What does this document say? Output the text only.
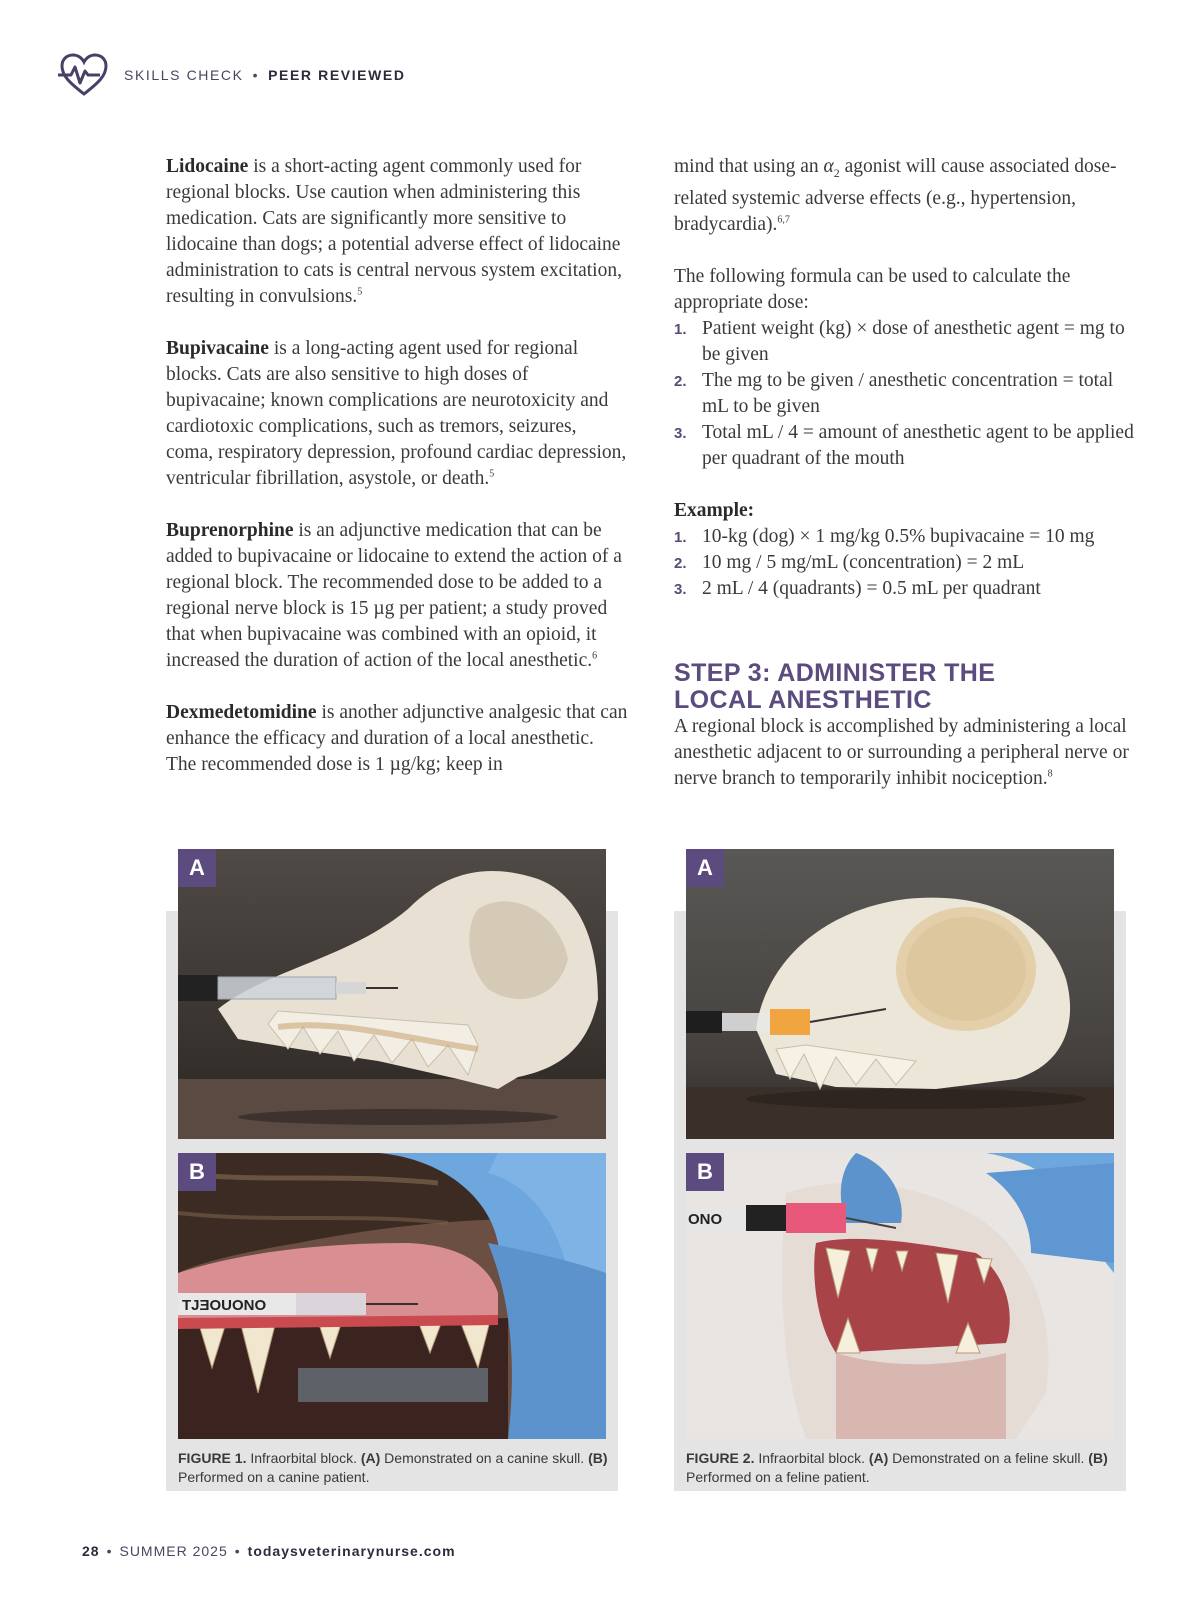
SKILLS CHECK • PEER REVIEWED

Lidocaine is a short-acting agent commonly used for regional blocks. Use caution when administering this medication. Cats are significantly more sensitive to lidocaine than dogs; a potential adverse effect of lidocaine administration to cats is central nervous system excitation, resulting in convulsions.$^5$

Bupivacaine is a long-acting agent used for regional blocks. Cats are also sensitive to high doses of bupivacaine; known complications are neurotoxicity and cardiotoxic complications, such as tremors, seizures, coma, respiratory depression, profound cardiac depression, ventricular fibrillation, asystole, or death.$^5$

Buprenorphine is an adjunctive medication that can be added to bupivacaine or lidocaine to extend the action of a regional block. The recommended dose to be added to a regional nerve block is 15 µg per patient; a study proved that when bupivacaine was combined with an opioid, it increased the duration of action of the local anesthetic.$^6$

Dexmedetomidine is another adjunctive analgesic that can enhance the efficacy and duration of a local anesthetic. The recommended dose is 1 µg/kg; keep in

mind that using an $\alpha_2$ agonist will cause associated dose-related systemic adverse effects (e.g., hypertension, bradycardia).$^{6,7}$

The following formula can be used to calculate the appropriate dose:
1. Patient weight (kg) × dose of anesthetic agent = mg to be given
2. The mg to be given / anesthetic concentration = total mL to be given
3. Total mL / 4 = amount of anesthetic agent to be applied per quadrant of the mouth
Example:
1. 10-kg (dog) × 1 mg/kg 0.5% bupivacaine = 10 mg
2. 10 mg / 5 mg/mL (concentration) = 2 mL
3. 2 mL / 4 (quadrants) = 0.5 mL per quadrant
STEP 3: ADMINISTER THE
LOCAL ANESTHETIC

A regional block is accomplished by administering a local anesthetic adjacent to or surrounding a peripheral nerve or nerve branch to temporarily inhibit nociception.$^8$

A
TJƎOUONO
B
FIGURE 1. Infraorbital block. (A) Demonstrated on a canine skull. (B) Performed on a canine patient.
A
ONO
B
FIGURE 2. Infraorbital block. (A) Demonstrated on a feline skull. (B) Performed on a feline patient.
28 • SUMMER 2025 • todaysveterinarynurse.com
